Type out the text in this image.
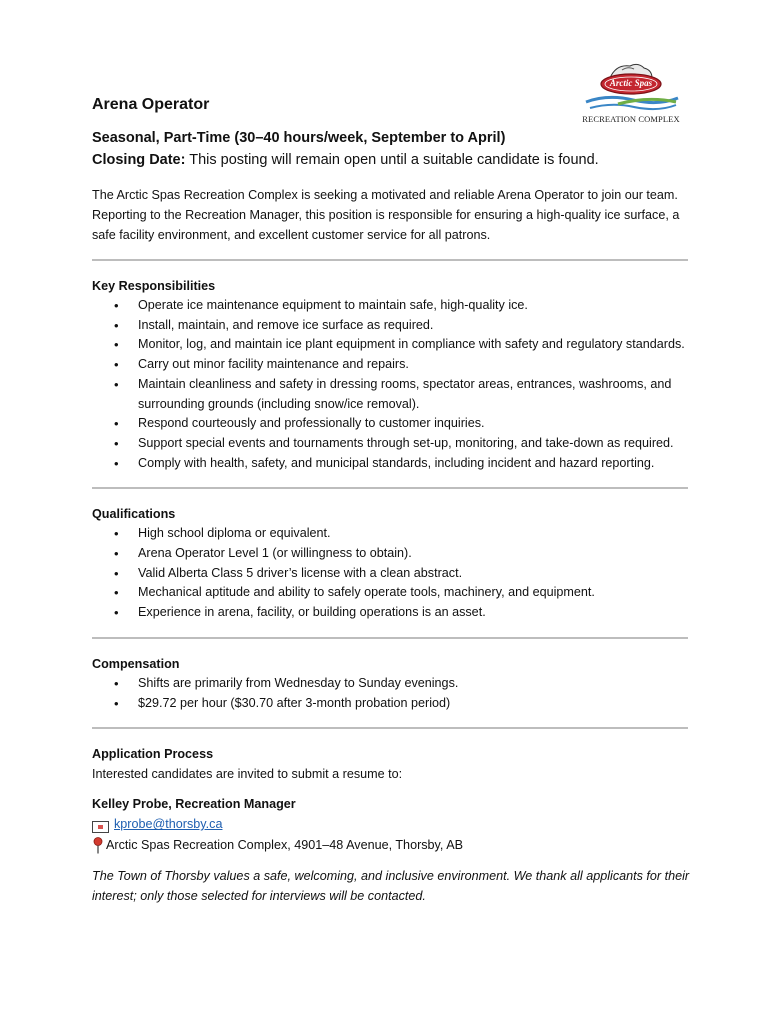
Arctic Spas
RECREATION COMPLEX
Arena Operator
Seasonal, Part-Time (30–40 hours/week, September to April)
Closing Date: This posting will remain open until a suitable candidate is found.

The Arctic Spas Recreation Complex is seeking a motivated and reliable Arena Operator to join our team. Reporting to the Recreation Manager, this position is responsible for ensuring a high-quality ice surface, a safe facility environment, and excellent customer service for all patrons.

Key Responsibilities
• Operate ice maintenance equipment to maintain safe, high-quality ice.
• Install, maintain, and remove ice surface as required.
• Monitor, log, and maintain ice plant equipment in compliance with safety and regulatory standards.
• Carry out minor facility maintenance and repairs.
• Maintain cleanliness and safety in dressing rooms, spectator areas, entrances, washrooms, and surrounding grounds (including snow/ice removal).
• Respond courteously and professionally to customer inquiries.
• Support special events and tournaments through set-up, monitoring, and take-down as required.
• Comply with health, safety, and municipal standards, including incident and hazard reporting.
Qualifications
• High school diploma or equivalent.
• Arena Operator Level 1 (or willingness to obtain).
• Valid Alberta Class 5 driver’s license with a clean abstract.
• Mechanical aptitude and ability to safely operate tools, machinery, and equipment.
• Experience in arena, facility, or building operations is an asset.
Compensation
• Shifts are primarily from Wednesday to Sunday evenings.
• $29.72 per hour ($30.70 after 3-month probation period)
Application Process
Interested candidates are invited to submit a resume to:
Kelley Probe, Recreation Manager
kprobe@thorsby.ca
Arctic Spas Recreation Complex, 4901–48 Avenue, Thorsby, AB

The Town of Thorsby values a safe, welcoming, and inclusive environment. We thank all applicants for their interest; only those selected for interviews will be contacted.
